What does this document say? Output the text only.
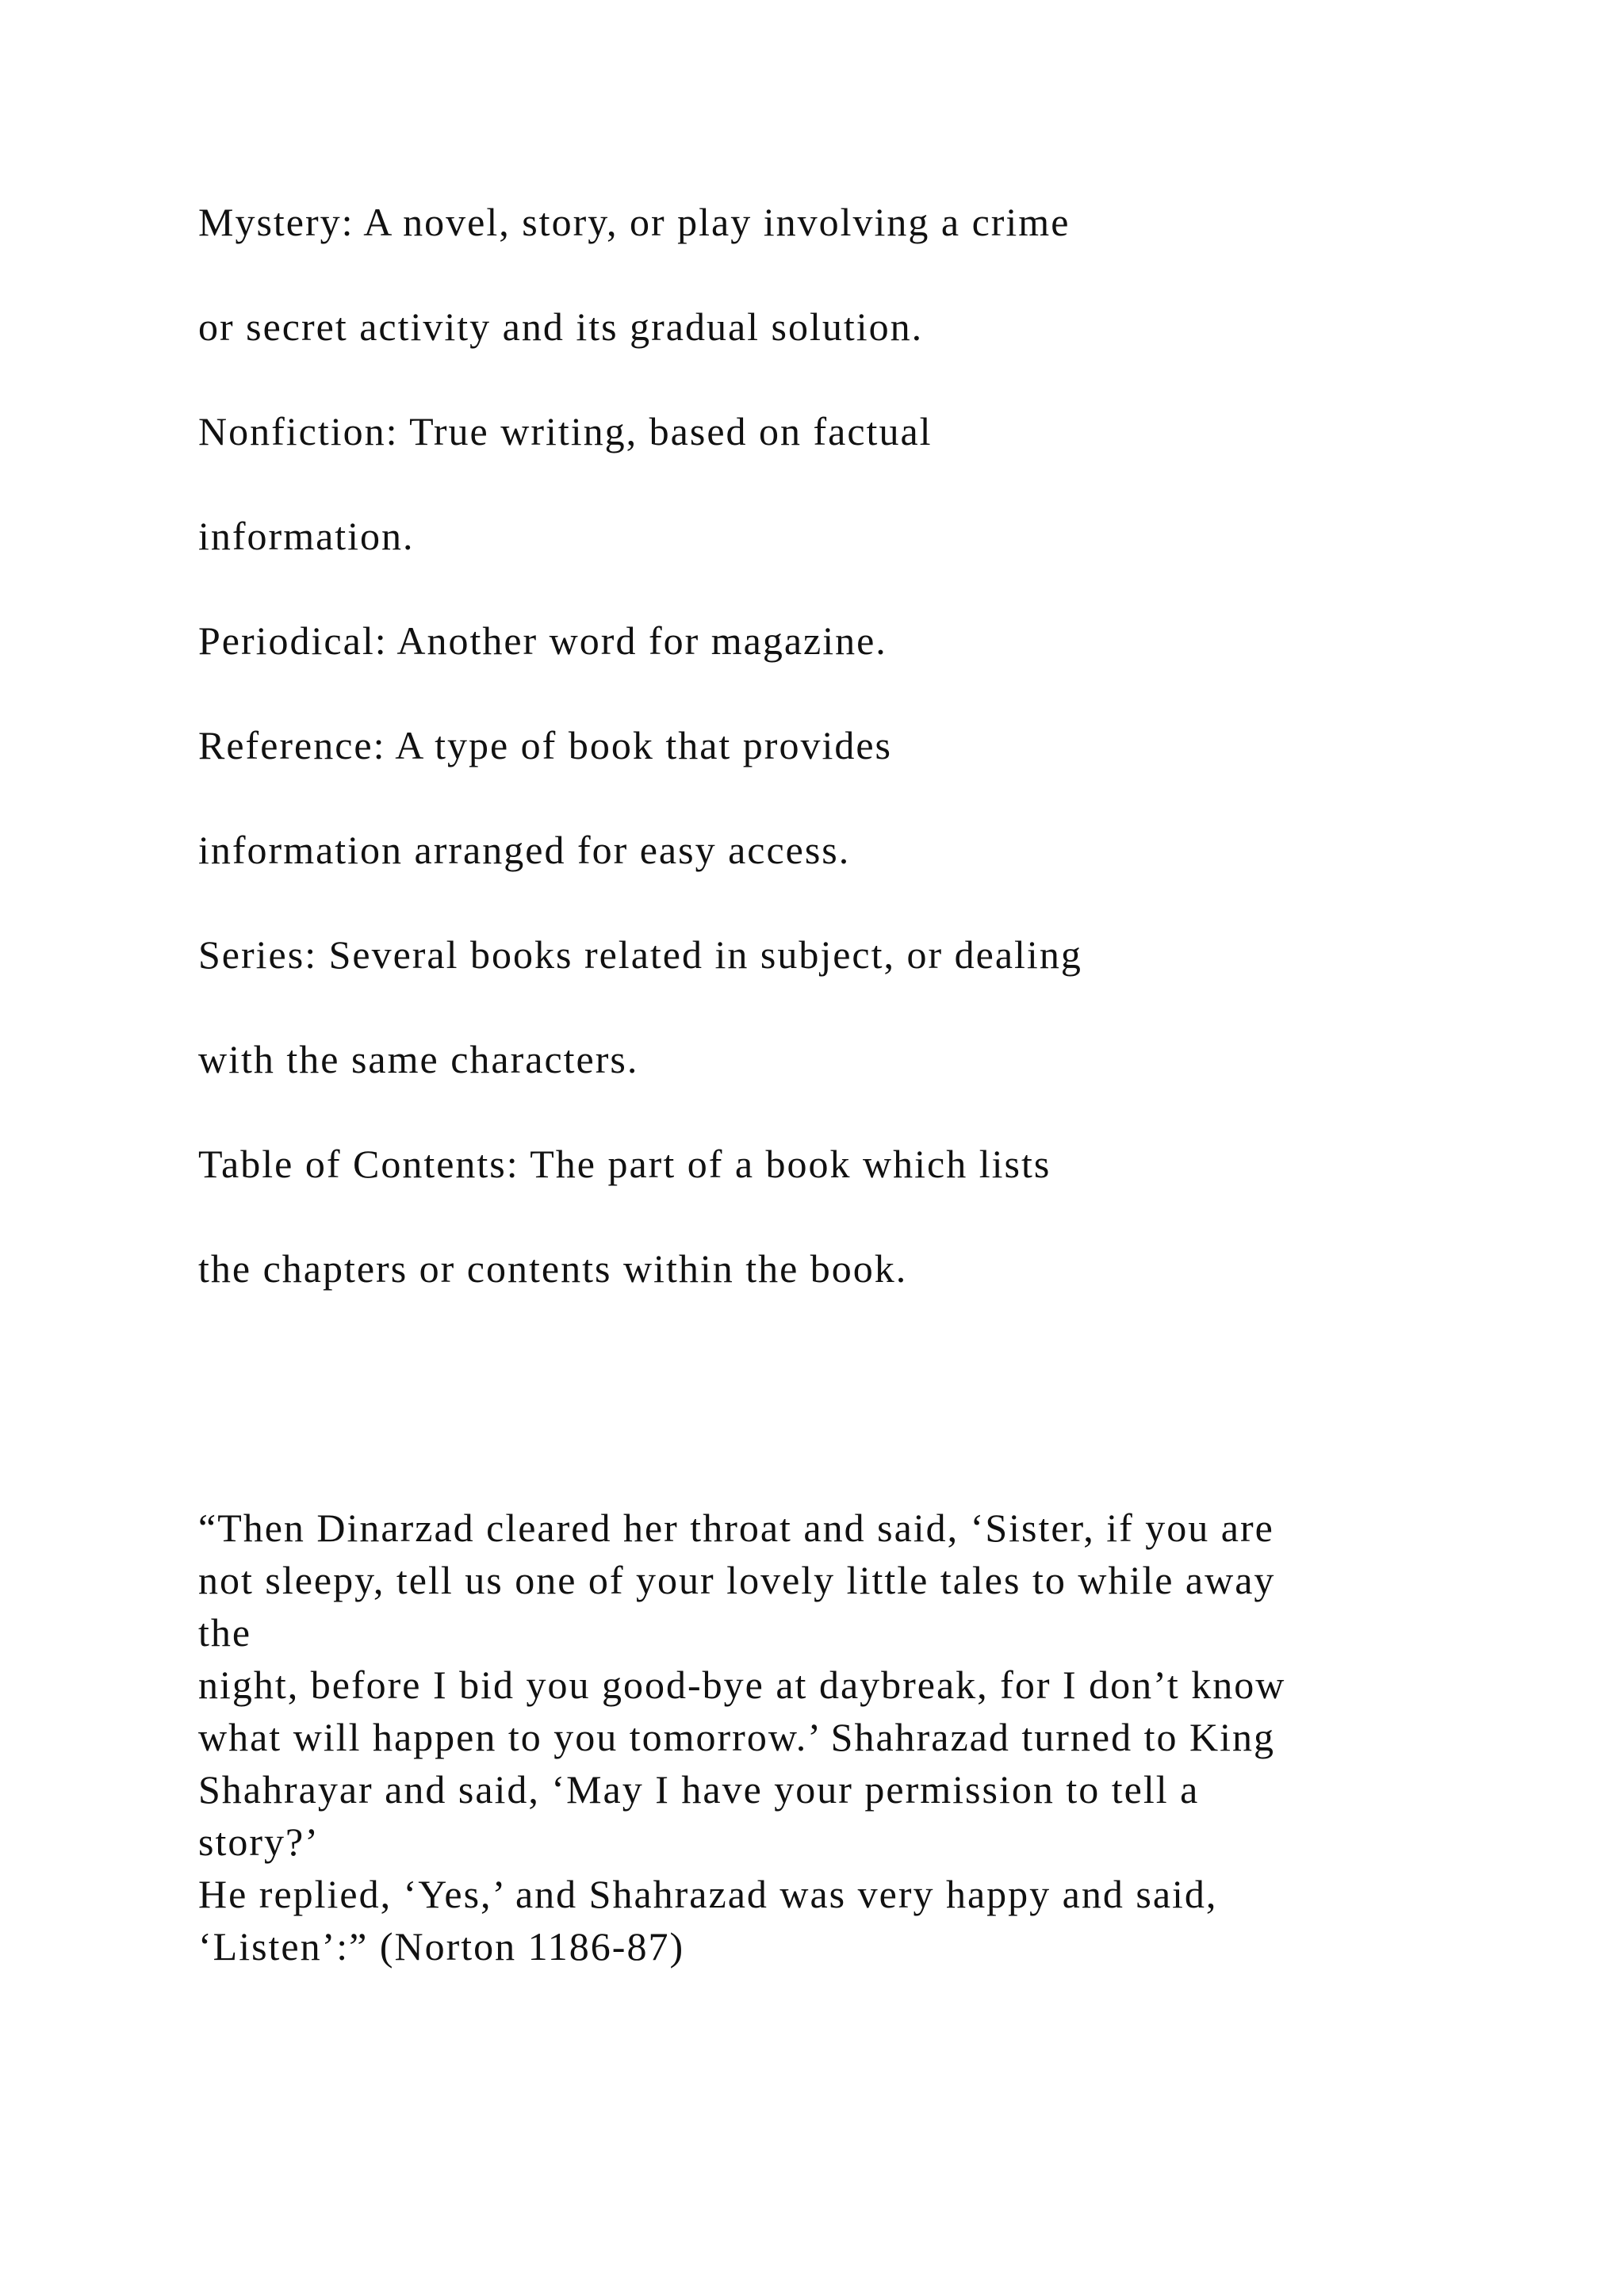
Mystery: A novel, story, or play involving a crime
or secret activity and its gradual solution.
Nonfiction: True writing, based on factual
information.
Periodical: Another word for magazine.
Reference: A type of book that provides
information arranged for easy access.
Series: Several books related in subject, or dealing
with the same characters.
Table of Contents: The part of a book which lists
the chapters or contents within the book.
“Then Dinarzad cleared her throat and said, ‘Sister, if you are
not sleepy, tell us one of your lovely little tales to while away
the
night, before I bid you good-bye at daybreak, for I don’t know
what will happen to you tomorrow.’ Shahrazad turned to King
Shahrayar and said, ‘May I have your permission to tell a
story?’
He replied, ‘Yes,’ and Shahrazad was very happy and said,
‘Listen’:” (Norton 1186-87)
